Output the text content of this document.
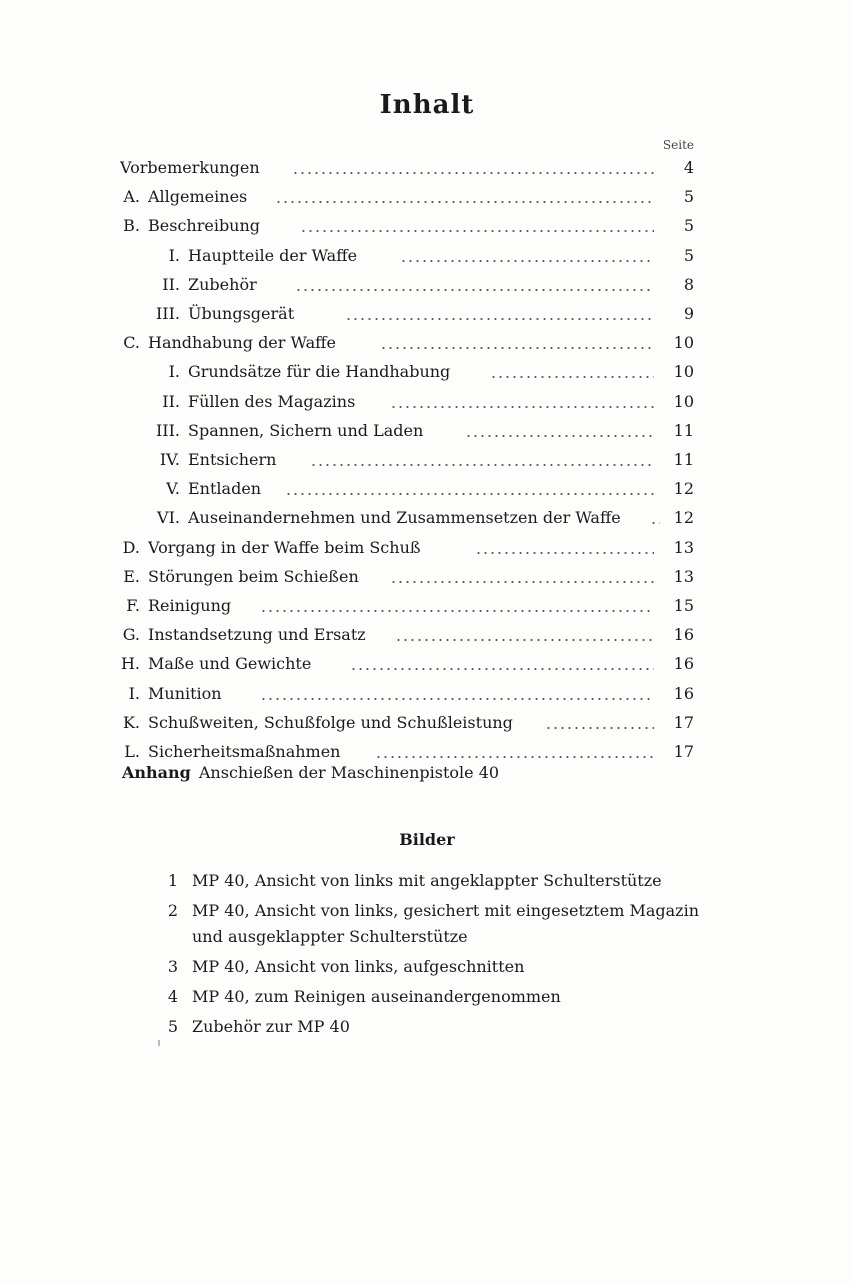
Inhalt
Seite
Vorbemerkungen	4
A. Allgemeines	5
B. Beschreibung	5
I. Hauptteile der Waffe	5
II. Zubehör	8
III. Übungsgerät	9
C. Handhabung der Waffe	10
I. Grundsätze für die Handhabung	10
II. Füllen des Magazins	10
III. Spannen, Sichern und Laden	11
IV. Entsichern	11
V. Entladen	12
VI. Auseinandernehmen und Zusammensetzen der Waffe	12
D. Vorgang in der Waffe beim Schuß	13
E. Störungen beim Schießen	13
F. Reinigung	15
G. Instandsetzung und Ersatz	16
H. Maße und Gewichte	16
I. Munition	16
K. Schußweiten, Schußfolge und Schußleistung	17
L. Sicherheitsmaßnahmen	17
Anhang Anschießen der Maschinenpistole 40
Bilder
1 MP 40, Ansicht von links mit angeklappter Schulterstütze
2 MP 40, Ansicht von links, gesichert mit eingesetztem Magazin
und ausgeklappter Schulterstütze
3 MP 40, Ansicht von links, aufgeschnitten
4 MP 40, zum Reinigen auseinandergenommen
5 Zubehör zur MP 40
